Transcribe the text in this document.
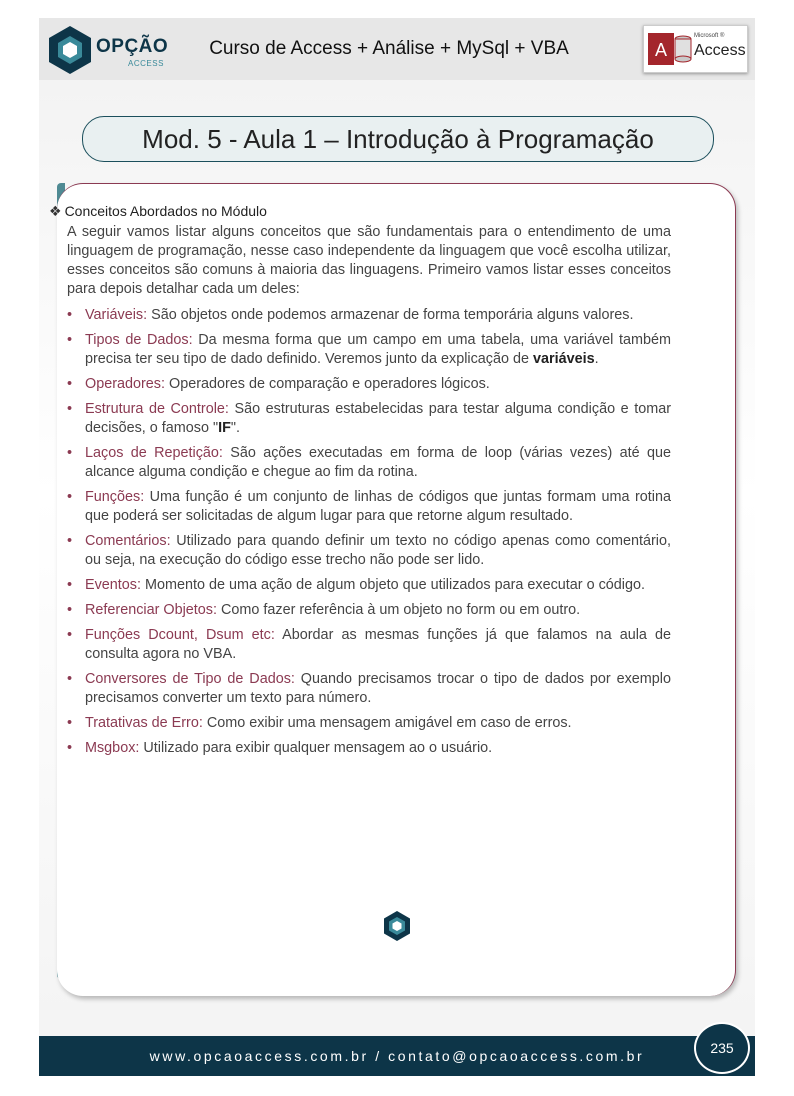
OPÇÃO
ACCESS
Curso de Access + Análise + MySql + VBA	A
Microsoft ®
Access
Mod. 5 - Aula 1 – Introdução à Programação
www.opcaoaccess.com.br / contato@opcaoaccess.com.br
❖ Conceitos Abordados no Módulo

A seguir vamos listar alguns conceitos que são fundamentais para o entendimento de uma linguagem de programação, nesse caso independente da linguagem que você escolha utilizar, esses conceitos são comuns à maioria das linguagens. Primeiro vamos listar esses conceitos para depois detalhar cada um deles:

• Variáveis: São objetos onde podemos armazenar de forma temporária alguns valores.
• Tipos de Dados: Da mesma forma que um campo em uma tabela, uma variável também precisa ter seu tipo de dado definido. Veremos junto da explicação de variáveis.
• Operadores: Operadores de comparação e operadores lógicos.
• Estrutura de Controle: São estruturas estabelecidas para testar alguma condição e tomar decisões, o famoso "IF".
• Laços de Repetição: São ações executadas em forma de loop (várias vezes) até que alcance alguma condição e chegue ao fim da rotina.
• Funções: Uma função é um conjunto de linhas de códigos que juntas formam uma rotina que poderá ser solicitadas de algum lugar para que retorne algum resultado.
• Comentários: Utilizado para quando definir um texto no código apenas como comentário, ou seja, na execução do código esse trecho não pode ser lido.
• Eventos: Momento de uma ação de algum objeto que utilizados para executar o código.
• Referenciar Objetos: Como fazer referência à um objeto no form ou em outro.
• Funções Dcount, Dsum etc: Abordar as mesmas funções já que falamos na aula de consulta agora no VBA.
• Conversores de Tipo de Dados: Quando precisamos trocar o tipo de dados por exemplo precisamos converter um texto para número.
• Tratativas de Erro: Como exibir uma mensagem amigável em caso de erros.
• Msgbox: Utilizado para exibir qualquer mensagem ao o usuário.
235
